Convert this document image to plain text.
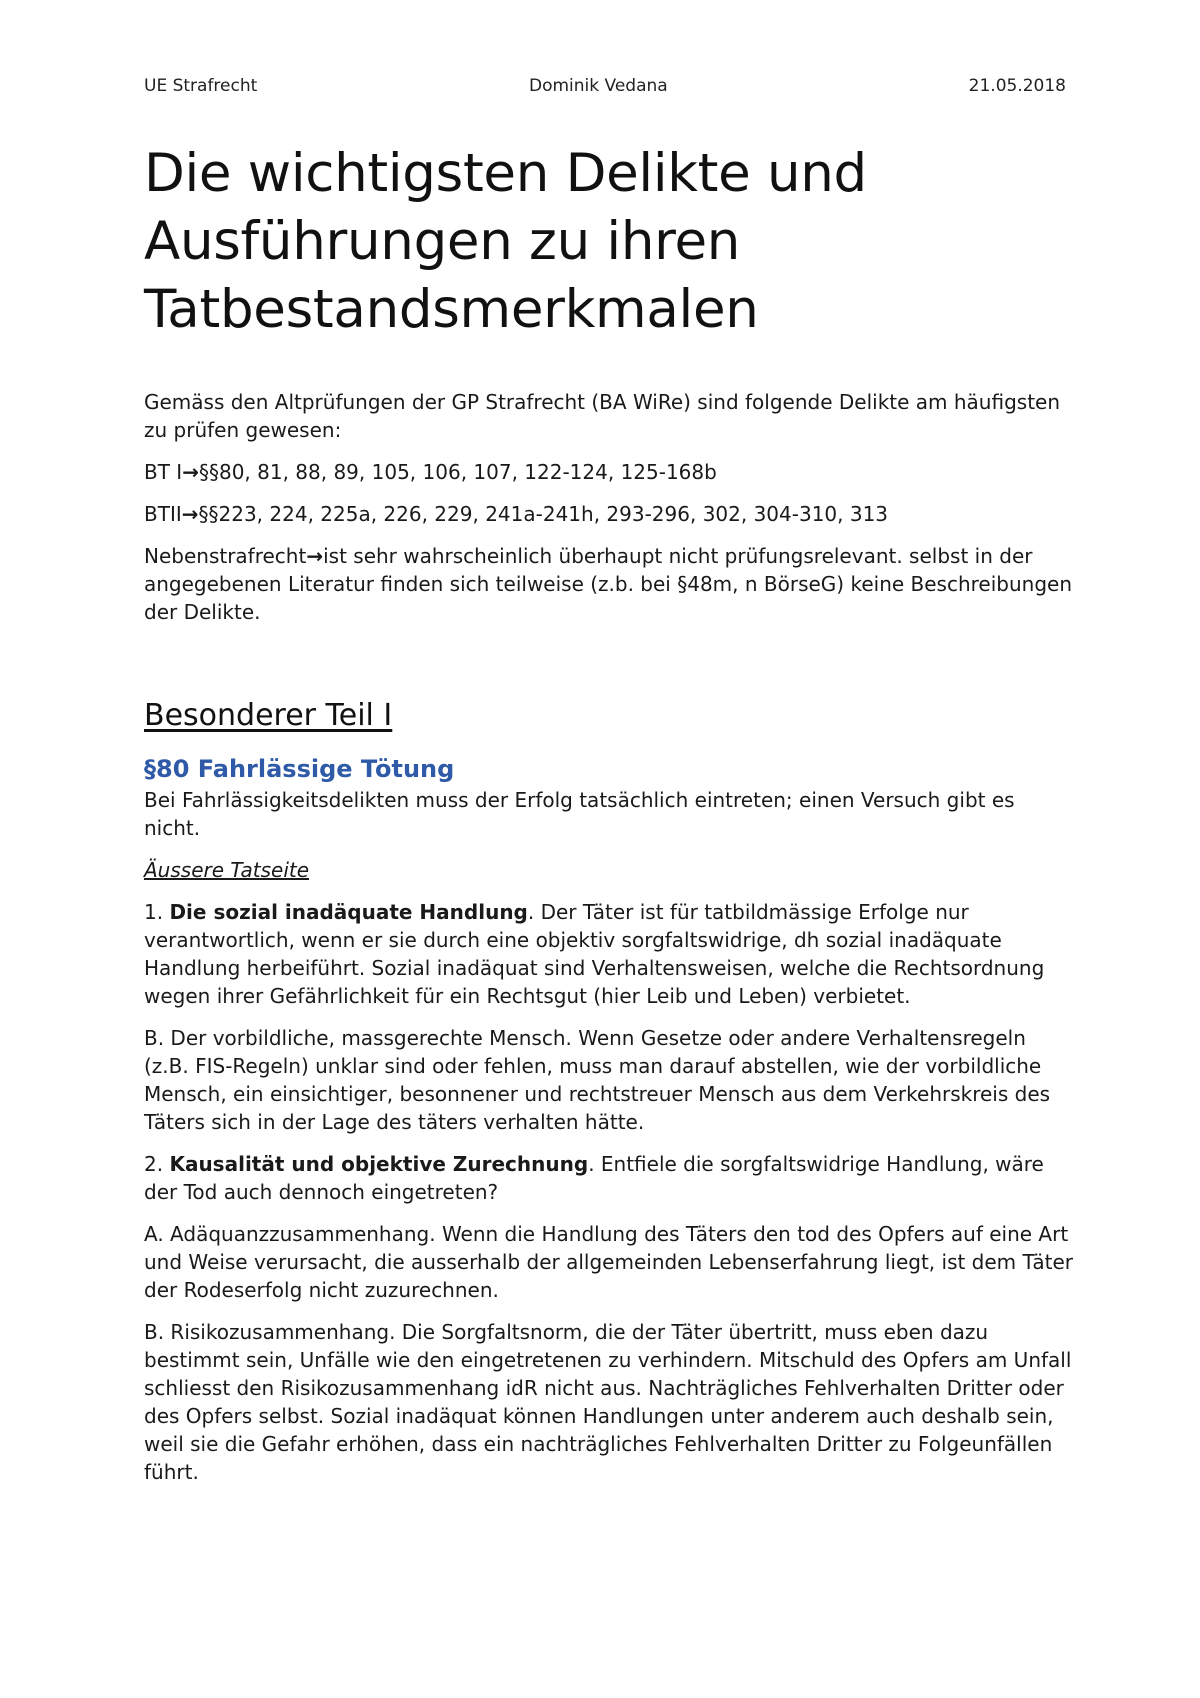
UE Strafrecht	Dominik Vedana	21.05.2018
Die wichtigsten Delikte und
Ausführungen zu ihren
Tatbestandsmerkmalen

Gemäss den Altprüfungen der GP Strafrecht (BA WiRe) sind folgende Delikte am häufigsten zu prüfen gewesen:

BT I→§§80, 81, 88, 89, 105, 106, 107, 122-124, 125-168b

BTII→§§223, 224, 225a, 226, 229, 241a-241h, 293-296, 302, 304-310, 313

Nebenstrafrecht→ist sehr wahrscheinlich überhaupt nicht prüfungsrelevant. selbst in der angegebenen Literatur finden sich teilweise (z.b. bei §48m, n BörseG) keine Beschreibungen der Delikte.

Besonderer Teil I
§80 Fahrlässige Tötung

Bei Fahrlässigkeitsdelikten muss der Erfolg tatsächlich eintreten; einen Versuch gibt es nicht.

Äussere Tatseite

1. Die sozial inadäquate Handlung. Der Täter ist für tatbildmässige Erfolge nur verantwortlich, wenn er sie durch eine objektiv sorgfaltswidrige, dh sozial inadäquate Handlung herbeiführt. Sozial inadäquat sind Verhaltensweisen, welche die Rechtsordnung wegen ihrer Gefährlichkeit für ein Rechtsgut (hier Leib und Leben) verbietet.

B. Der vorbildliche, massgerechte Mensch. Wenn Gesetze oder andere Verhaltensregeln (z.B. FIS-Regeln) unklar sind oder fehlen, muss man darauf abstellen, wie der vorbildliche Mensch, ein einsichtiger, besonnener und rechtstreuer Mensch aus dem Verkehrskreis des Täters sich in der Lage des täters verhalten hätte.

2. Kausalität und objektive Zurechnung. Entfiele die sorgfaltswidrige Handlung, wäre der Tod auch dennoch eingetreten?

A. Adäquanzzusammenhang. Wenn die Handlung des Täters den tod des Opfers auf eine Art und Weise verursacht, die ausserhalb der allgemeinden Lebenserfahrung liegt, ist dem Täter der Rodeserfolg nicht zuzurechnen.

B. Risikozusammenhang. Die Sorgfaltsnorm, die der Täter übertritt, muss eben dazu bestimmt sein, Unfälle wie den eingetretenen zu verhindern. Mitschuld des Opfers am Unfall schliesst den Risikozusammenhang idR nicht aus. Nachträgliches Fehlverhalten Dritter oder des Opfers selbst. Sozial inadäquat können Handlungen unter anderem auch deshalb sein, weil sie die Gefahr erhöhen, dass ein nachträgliches Fehlverhalten Dritter zu Folgeunfällen führt.
